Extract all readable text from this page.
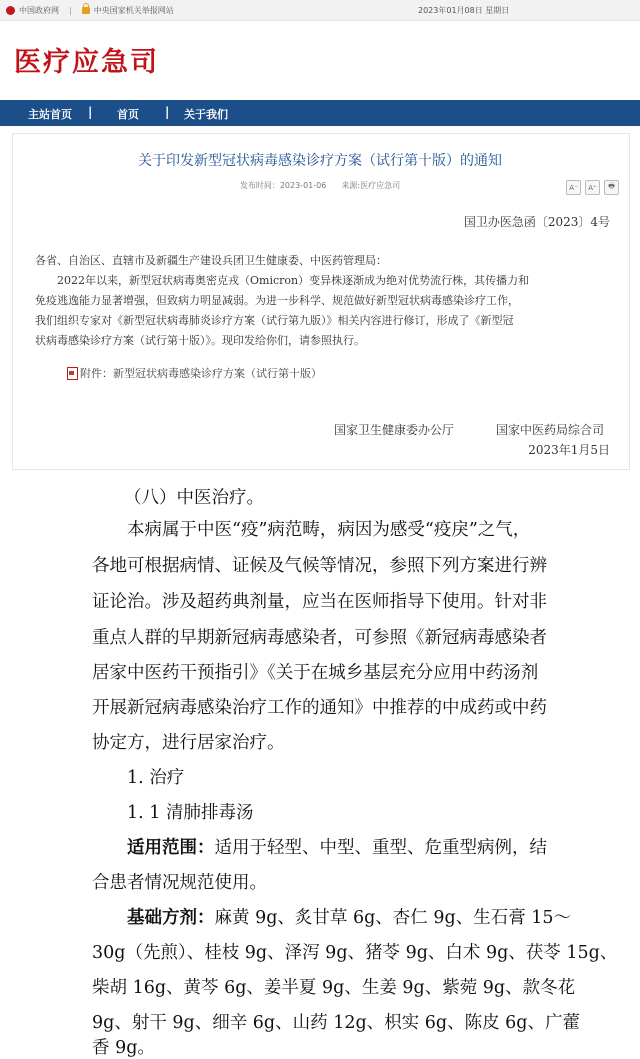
中国政府网 |	中央国家机关举报网站	2023年01月08日 星期日
医疗应急司
主站首页 | 首页 | 关于我们
关于印发新型冠状病毒感染诊疗方案（试行第十版）的通知
发布时间：2023-01-06 来源:医疗应急司	A⁻	A⁺	🖶
国卫办医急函〔2023〕4号

各省、自治区、直辖市及新疆生产建设兵团卫生健康委、中医药管理局：

2022年以来，新型冠状病毒奥密克戎（Omicron）变异株逐渐成为绝对优势流行株，其传播力和

免疫逃逸能力显著增强，但致病力明显减弱。为进一步科学、规范做好新型冠状病毒感染诊疗工作，

我们组织专家对《新型冠状病毒肺炎诊疗方案（试行第九版）》相关内容进行修订，形成了《新型冠

状病毒感染诊疗方案（试行第十版）》。现印发给你们，请参照执行。

附件：新型冠状病毒感染诊疗方案（试行第十版）
国家卫生健康委办公厅	国家中医药局综合司
2023年1月5日
（八）中医治疗。
本病属于中医“疫”病范畴，病因为感受“疫戾”之气，
各地可根据病情、证候及气候等情况，参照下列方案进行辨
证论治。涉及超药典剂量，应当在医师指导下使用。针对非
重点人群的早期新冠病毒感染者，可参照《新冠病毒感染者
居家中医药干预指引》《关于在城乡基层充分应用中药汤剂
开展新冠病毒感染治疗工作的通知》中推荐的中成药或中药
协定方，进行居家治疗。
1. 治疗
1. 1 清肺排毒汤
适用范围：适用于轻型、中型、重型、危重型病例，结
合患者情况规范使用。
基础方剂：麻黄 9g、炙甘草 6g、杏仁 9g、生石膏 15～
30g（先煎）、桂枝 9g、泽泻 9g、猪苓 9g、白术 9g、茯苓 15g、
柴胡 16g、黄芩 6g、姜半夏 9g、生姜 9g、紫菀 9g、款冬花
9g、射干 9g、细辛 6g、山药 12g、枳实 6g、陈皮 6g、广藿
香 9g。
